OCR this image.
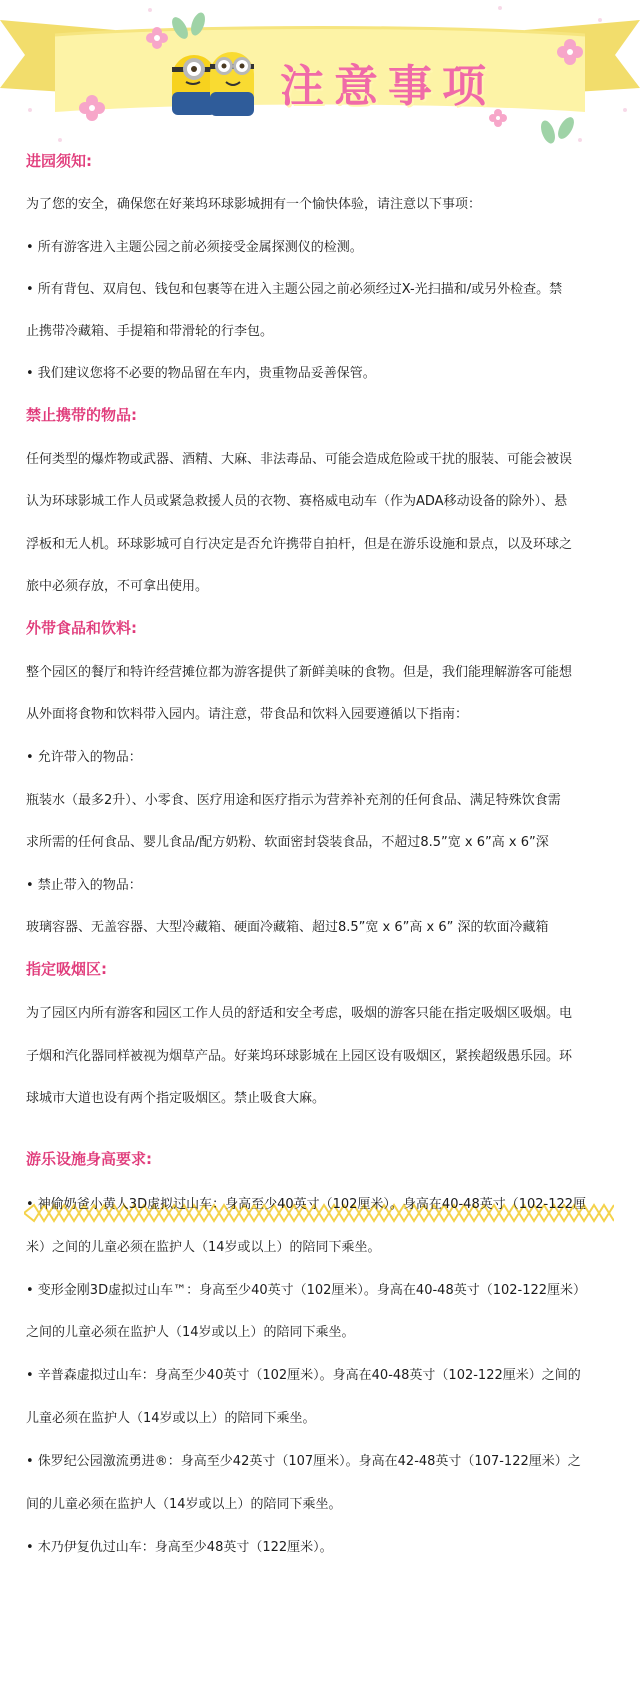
注意事项
进园须知:
为了您的安全，确保您在好莱坞环球影城拥有一个愉快体验，请注意以下事项：
• 所有游客进入主题公园之前必须接受金属探测仪的检测。
• 所有背包、双肩包、钱包和包裹等在进入主题公园之前必须经过X-光扫描和/或另外检查。禁
止携带冷藏箱、手提箱和带滑轮的行李包。
• 我们建议您将不必要的物品留在车内，贵重物品妥善保管。
禁止携带的物品:
任何类型的爆炸物或武器、酒精、大麻、非法毒品、可能会造成危险或干扰的服装、可能会被误
认为环球影城工作人员或紧急救援人员的衣物、赛格威电动车（作为ADA移动设备的除外）、悬
浮板和无人机。环球影城可自行决定是否允许携带自拍杆，但是在游乐设施和景点，以及环球之
旅中必须存放，不可拿出使用。
外带食品和饮料:
整个园区的餐厅和特许经营摊位都为游客提供了新鲜美味的食物。但是，我们能理解游客可能想
从外面将食物和饮料带入园内。请注意，带食品和饮料入园要遵循以下指南：
• 允许带入的物品：
瓶装水（最多2升）、小零食、医疗用途和医疗指示为营养补充剂的任何食品、满足特殊饮食需
求所需的任何食品、婴儿食品/配方奶粉、软面密封袋装食品，不超过8.5”宽 x 6”高 x 6”深
• 禁止带入的物品：
玻璃容器、无盖容器、大型冷藏箱、硬面冷藏箱、超过8.5”宽 x 6”高 x 6” 深的软面冷藏箱
指定吸烟区:
为了园区内所有游客和园区工作人员的舒适和安全考虑，吸烟的游客只能在指定吸烟区吸烟。电
子烟和汽化器同样被视为烟草产品。好莱坞环球影城在上园区设有吸烟区，紧挨超级愚乐园。环
球城市大道也设有两个指定吸烟区。禁止吸食大麻。
游乐设施身高要求:
• 神偷奶爸小黄人3D虚拟过山车：身高至少40英寸（102厘米）。身高在40-48英寸（102-122厘
米）之间的儿童必须在监护人（14岁或以上）的陪同下乘坐。
• 变形金刚3D虚拟过山车™：身高至少40英寸（102厘米）。身高在40-48英寸（102-122厘米）
之间的儿童必须在监护人（14岁或以上）的陪同下乘坐。
• 辛普森虚拟过山车：身高至少40英寸（102厘米）。身高在40-48英寸（102-122厘米）之间的
儿童必须在监护人（14岁或以上）的陪同下乘坐。
• 侏罗纪公园激流勇进®：身高至少42英寸（107厘米）。身高在42-48英寸（107-122厘米）之
间的儿童必须在监护人（14岁或以上）的陪同下乘坐。
• 木乃伊复仇过山车：身高至少48英寸（122厘米）。
